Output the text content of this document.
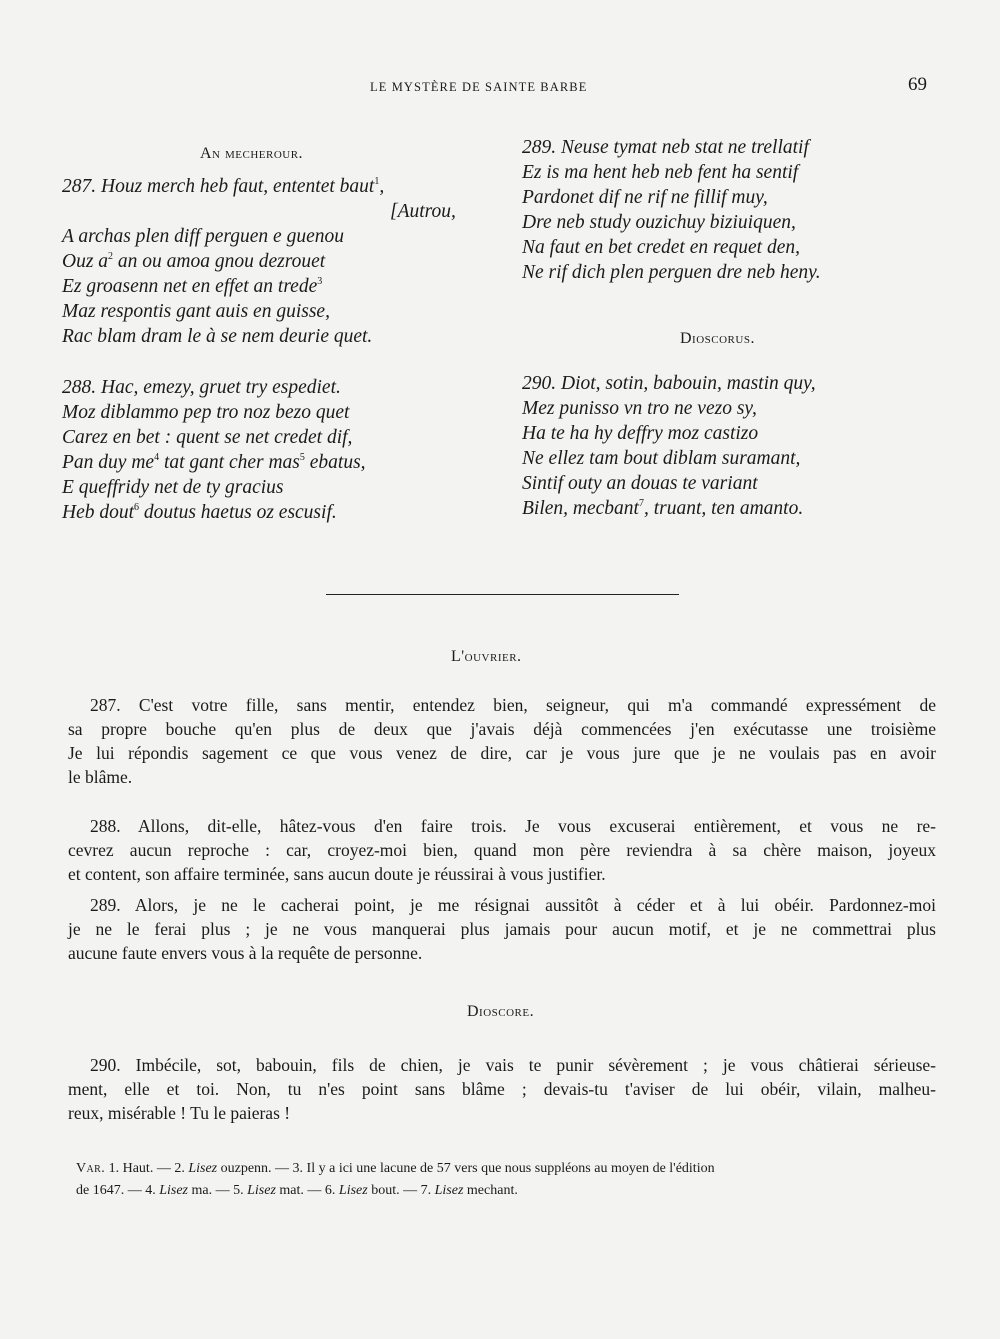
LE MYSTÈRE DE SAINTE BARBE	69
An mecherour.
287. Houz merch heb faut, ententet baut$^1$,
[Autrou,
A archas plen diff perguen e guenou
Ouz $a^2$ an ou amoa gnou dezrouet
Ez groasenn net en effet an trede$^3$
Maz respontis gant auis en guisse,
Rac blam dram le à se nem deurie quet.
288. Hac, emezy, gruet try espediet.
Moz diblammo pep tro noz bezo quet
Carez en bet : quent se net credet dif,
Pan duy $me^4$ tat gant cher mas$^5$ ebatus,
E queffridy net de ty gracius
Heb dout$^6$ doutus haetus oz escusif.
289. Neuse tymat neb stat ne trellatif
Ez is ma hent heb neb fent ha sentif
Pardonet dif ne rif ne fillif muy,
Dre neb study ouzichuy biziuiquen,
Na faut en bet credet en requet den,
Ne rif dich plen perguen dre neb heny.
Dioscorus.
290. Diot, sotin, babouin, mastin quy,
Mez punisso vn tro ne vezo sy,
Ha te ha hy deffry moz castizo
Ne ellez tam bout diblam suramant,
Sintif outy an douas te variant
Bilen, mecbant$^7$, truant, ten amanto.
L'ouvrier.
287. C'est votre fille, sans mentir, entendez bien, seigneur, qui m'a commandé expressément de
sa propre bouche qu'en plus de deux que j'avais déjà commencées j'en exécutasse une troisième
Je lui répondis sagement ce que vous venez de dire, car je vous jure que je ne voulais pas en avoir
le blâme.
288. Allons, dit-elle, hâtez-vous d'en faire trois. Je vous excuserai entièrement, et vous ne re-
cevrez aucun reproche : car, croyez-moi bien, quand mon père reviendra à sa chère maison, joyeux
et content, son affaire terminée, sans aucun doute je réussirai à vous justifier.
289. Alors, je ne le cacherai point, je me résignai aussitôt à céder et à lui obéir. Pardonnez-moi
je ne le ferai plus ; je ne vous manquerai plus jamais pour aucun motif, et je ne commettrai plus
aucune faute envers vous à la requête de personne.
Dioscore.
290. Imbécile, sot, babouin, fils de chien, je vais te punir sévèrement ; je vous châtierai sérieuse-
ment, elle et toi. Non, tu n'es point sans blâme ; devais-tu t'aviser de lui obéir, vilain, malheu-
reux, misérable ! Tu le paieras !
Var. 1. Haut. — 2. Lisez ouzpenn. — 3. Il y a ici une lacune de 57 vers que nous suppléons au moyen de l'édition
de 1647. — 4. Lisez ma. — 5. Lisez mat. — 6. Lisez bout. — 7. Lisez mechant.
